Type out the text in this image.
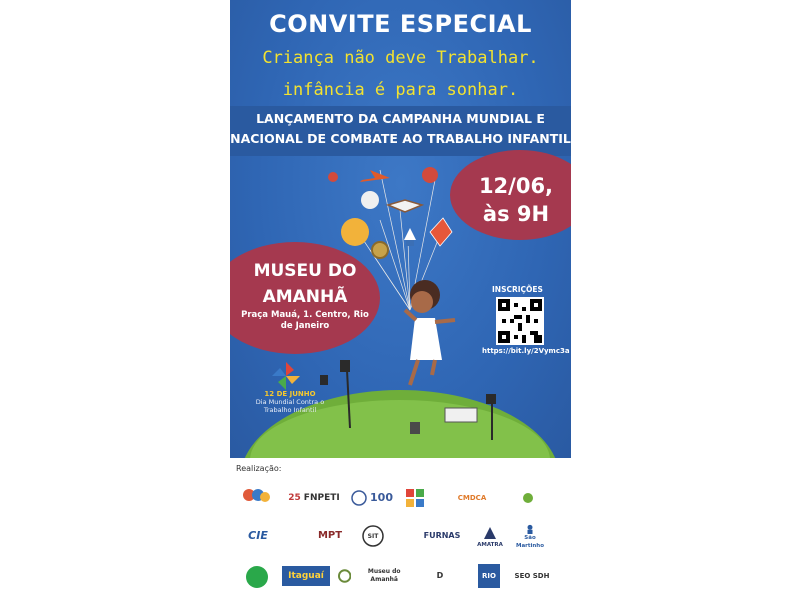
CONVITE ESPECIAL
Criança não deve Trabalhar.
infância é para sonhar.
LANÇAMENTO DA CAMPANHA MUNDIAL E
NACIONAL DE COMBATE AO TRABALHO INFANTIL
12/06,
às 9H
MUSEU DO
AMANHÃ
Praça Mauá, 1. Centro, Rio de Janeiro
INSCRIÇÕES
https://bit.ly/2Vymc3a
12 DE JUNHO
Dia Mundial Contra o Trabalho Infantil
Realização:
25 FNPETI	100	CMDCA
CIE	MPT	SIT	FURNAS
AMATRA
São Martinho
Itaguaí	Museu do Amanhã	D	RIO	SEO SDH
